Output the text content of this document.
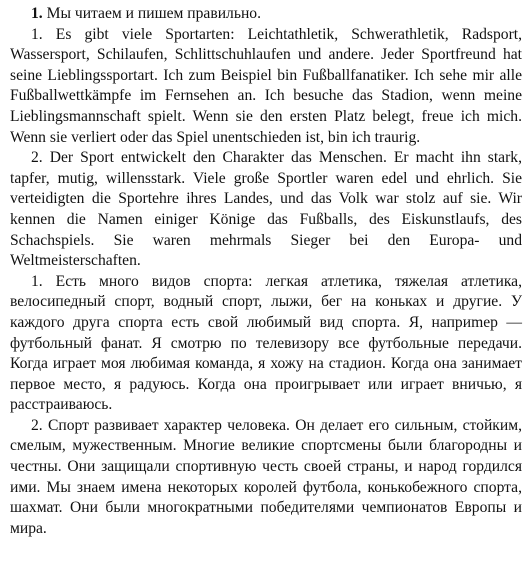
1. Мы читаем и пишем правильно.

1. Es gibt viele Sportarten: Leichtathletik, Schwerathletik, Radsport, Wassersport, Schilaufen, Schlittschuhlaufen und andere. Jeder Sportfreund hat seine Lieblingssportart. Ich zum Beispiel bin Fußballfanatiker. Ich sehe mir alle Fußballwettkämpfe im Fernsehen an. Ich besuche das Stadion, wenn meine Lieblingsmannschaft spielt. Wenn sie den ersten Platz belegt, freue ich mich. Wenn sie verliert oder das Spiel unentschieden ist, bin ich traurig.

2. Der Sport entwickelt den Charakter das Menschen. Er macht ihn stark, tapfer, mutig, willensstark. Viele große Sportler waren edel und ehrlich. Sie verteidigten die Sportehre ihres Landes, und das Volk war stolz auf sie. Wir kennen die Namen einiger Könige das Fußballs, des Eiskunstlaufs, des Schachspiels. Sie waren mehrmals Sieger bei den Europa- und Weltmeisterschaften.

1. Есть много видов спорта: легкая атлетика, тяжелая атлетика, велосипедный спорт, водный спорт, лыжи, бег на коньках и другие. У каждого друга спорта есть свой любимый вид спорта. Я, наприmер — футбольный фанат. Я смотрю по телевизору все футбольные передачи. Когда играет моя любимая команда, я хожу на стадион. Когда она занимает первое место, я радуюсь. Когда она проигрывает или играет вничью, я расстраиваюсь.

2. Спорт развивает характер человека. Он делает его сильным, стойким, смелым, мужественным. Многие великие спортсмены были благородны и честны. Они защищали спортивную честь своей страны, и народ гордился ими. Мы знаем имена некоторых королей футбола, конькобежного спорта, шахмат. Они были многократными победителями чемпионатов Европы и мира.
